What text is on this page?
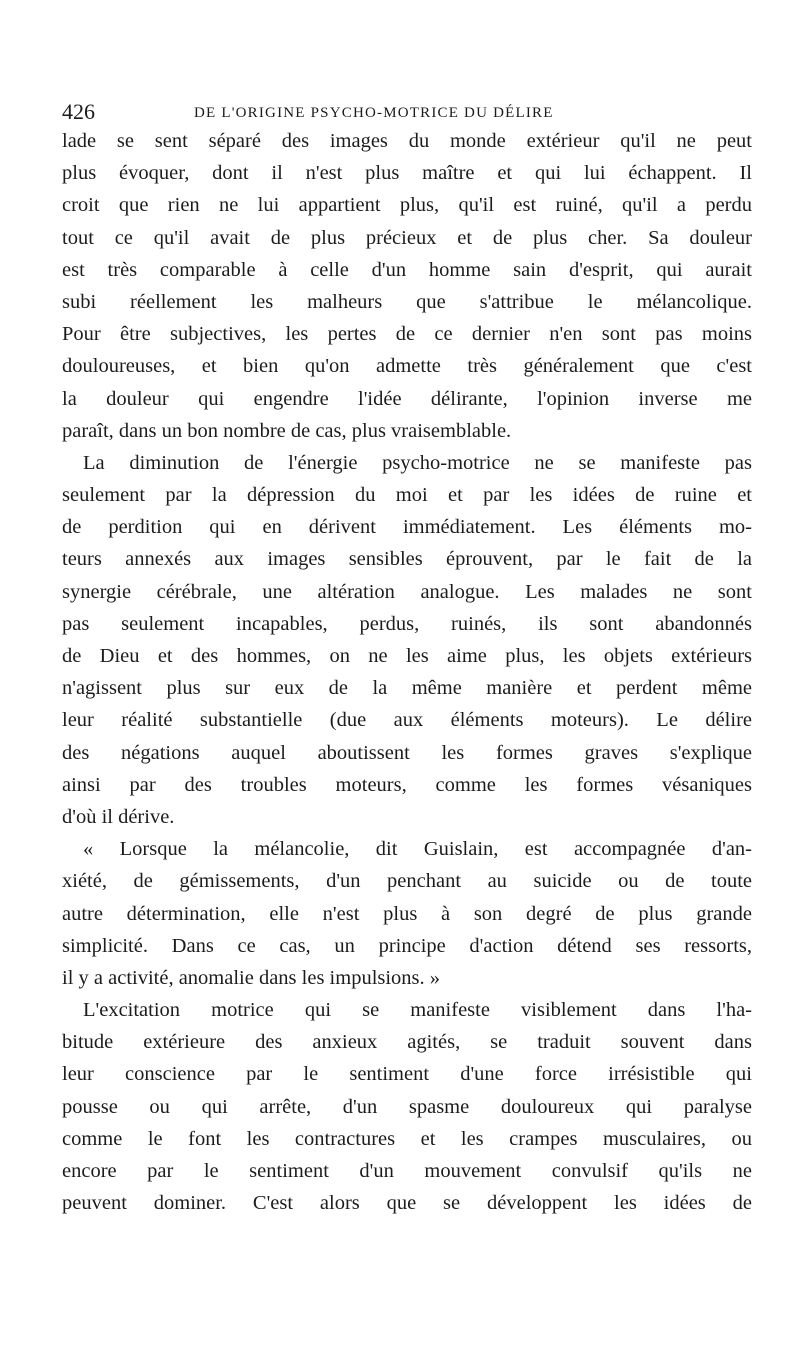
426	DE L'ORIGINE PSYCHO-MOTRICE DU DÉLIRE
lade se sent séparé des images du monde extérieur qu'il ne peut
plus évoquer, dont il n'est plus maître et qui lui échappent. Il
croit que rien ne lui appartient plus, qu'il est ruiné, qu'il a perdu
tout ce qu'il avait de plus précieux et de plus cher. Sa douleur
est très comparable à celle d'un homme sain d'esprit, qui aurait
subi réellement les malheurs que s'attribue le mélancolique.
Pour être subjectives, les pertes de ce dernier n'en sont pas moins
douloureuses, et bien qu'on admette très généralement que c'est
la douleur qui engendre l'idée délirante, l'opinion inverse me
paraît, dans un bon nombre de cas, plus vraisemblable.
La diminution de l'énergie psycho-motrice ne se manifeste pas
seulement par la dépression du moi et par les idées de ruine et
de perdition qui en dérivent immédiatement. Les éléments mo-
teurs annexés aux images sensibles éprouvent, par le fait de la
synergie cérébrale, une altération analogue. Les malades ne sont
pas seulement incapables, perdus, ruinés, ils sont abandonnés
de Dieu et des hommes, on ne les aime plus, les objets extérieurs
n'agissent plus sur eux de la même manière et perdent même
leur réalité substantielle (due aux éléments moteurs). Le délire
des négations auquel aboutissent les formes graves s'explique
ainsi par des troubles moteurs, comme les formes vésaniques
d'où il dérive.
« Lorsque la mélancolie, dit Guislain, est accompagnée d'an-
xiété, de gémissements, d'un penchant au suicide ou de toute
autre détermination, elle n'est plus à son degré de plus grande
simplicité. Dans ce cas, un principe d'action détend ses ressorts,
il y a activité, anomalie dans les impulsions. »
L'excitation motrice qui se manifeste visiblement dans l'ha-
bitude extérieure des anxieux agités, se traduit souvent dans
leur conscience par le sentiment d'une force irrésistible qui
pousse ou qui arrête, d'un spasme douloureux qui paralyse
comme le font les contractures et les crampes musculaires, ou
encore par le sentiment d'un mouvement convulsif qu'ils ne
peuvent dominer. C'est alors que se développent les idées de
